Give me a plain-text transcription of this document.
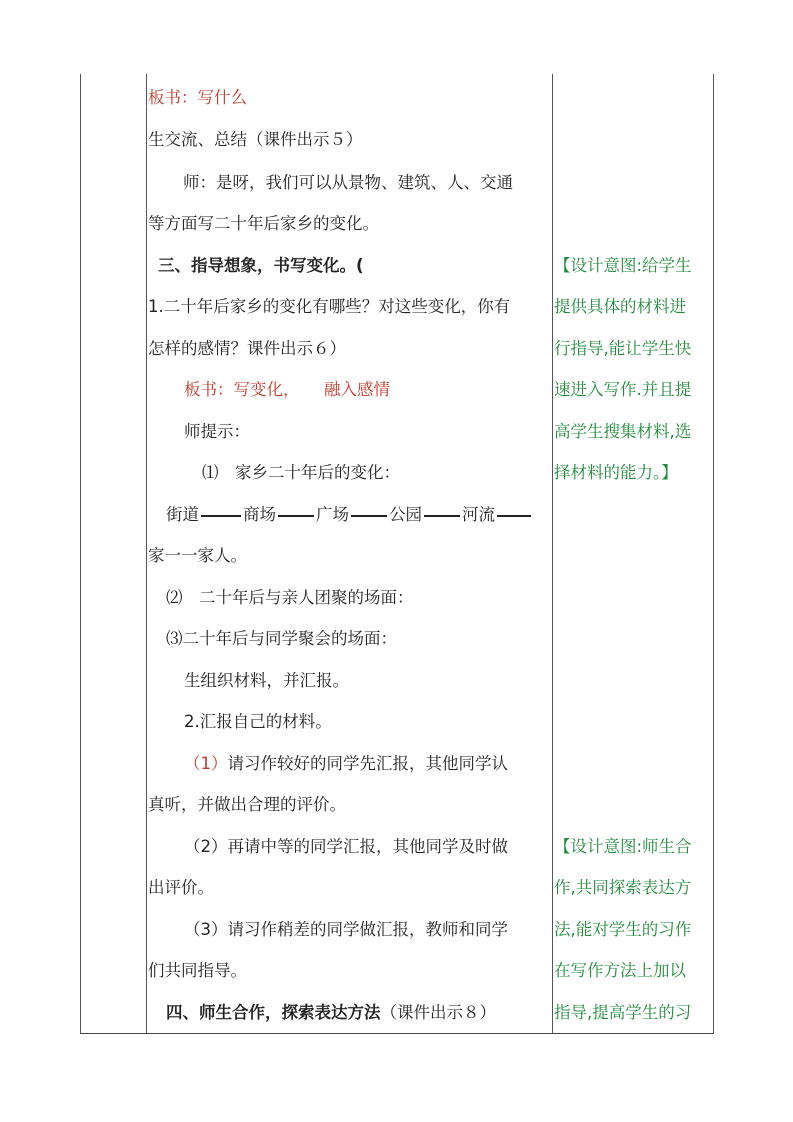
板书：写什么
生交流、总结（课件出示５）
师：是呀，我们可以从景物、建筑、人、交通
等方面写二十年后家乡的变化。
三、指导想象，书写变化。(
1.二十年后家乡的变化有哪些？对这些变化，你有
怎样的感情？课件出示６）
板书：写变化， 融入感情
师提示：
⑴　家乡二十年后的变化：
街道	商场 广场 公园 河流
家一一家人。
⑵　二十年后与亲人团聚的场面：
⑶二十年后与同学聚会的场面：
生组织材料，并汇报。
2.汇报自己的材料。
（1）请习作较好的同学先汇报，其他同学认
真听，并做出合理的评价。
（2）再请中等的同学汇报，其他同学及时做
出评价。
（3）请习作稍差的同学做汇报，教师和同学
们共同指导。
四、师生合作，探索表达方法（课件出示８）
【设计意图:给学生
提供具体的材料进
行指导,能让学生快
速进入写作.并且提
高学生搜集材料,选
择材料的能力。】
【设计意图:师生合
作,共同探索表达方
法,能对学生的习作
在写作方法上加以
指导,提高学生的习
